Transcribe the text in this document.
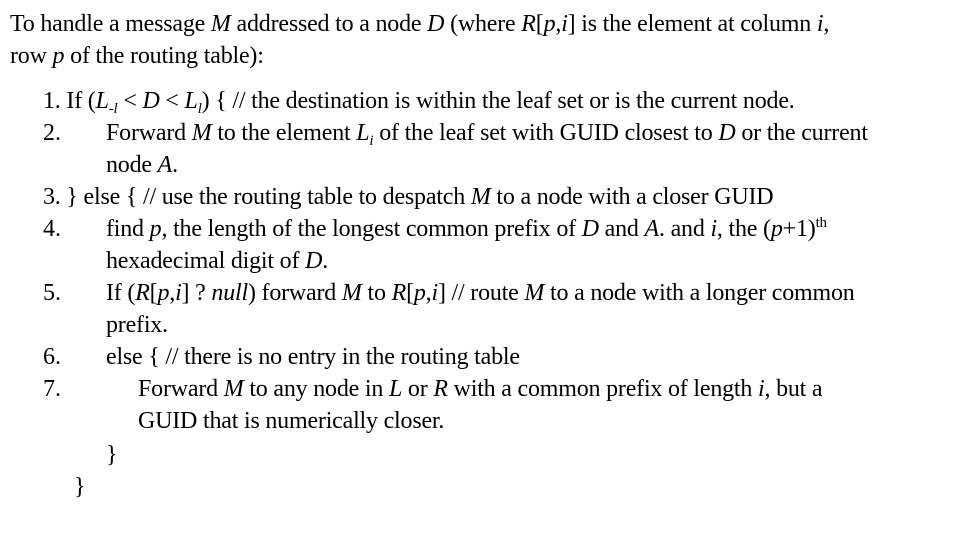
To handle a message M addressed to a node D (where R[p,i] is the element at column i,
row p of the routing table):
1. If $(L_{-l} < D < L_l)$ { // the destination is within the leaf set or is the current node.
2. Forward M to the element $L_i$ of the leaf set with GUID closest to D or the current
node A.
3. } else { // use the routing table to despatch M to a node with a closer GUID
4. find p, the length of the longest common prefix of D and A. and i, the $(p+1)^{th}$
hexadecimal digit of D.
5. If (R[p,i] ? null) forward M to R[p,i] // route M to a node with a longer common
prefix.
6. else { // there is no entry in the routing table
7.	Forward M to any node in L or R with a common prefix of length i, but a
GUID that is numerically closer.
}
}
